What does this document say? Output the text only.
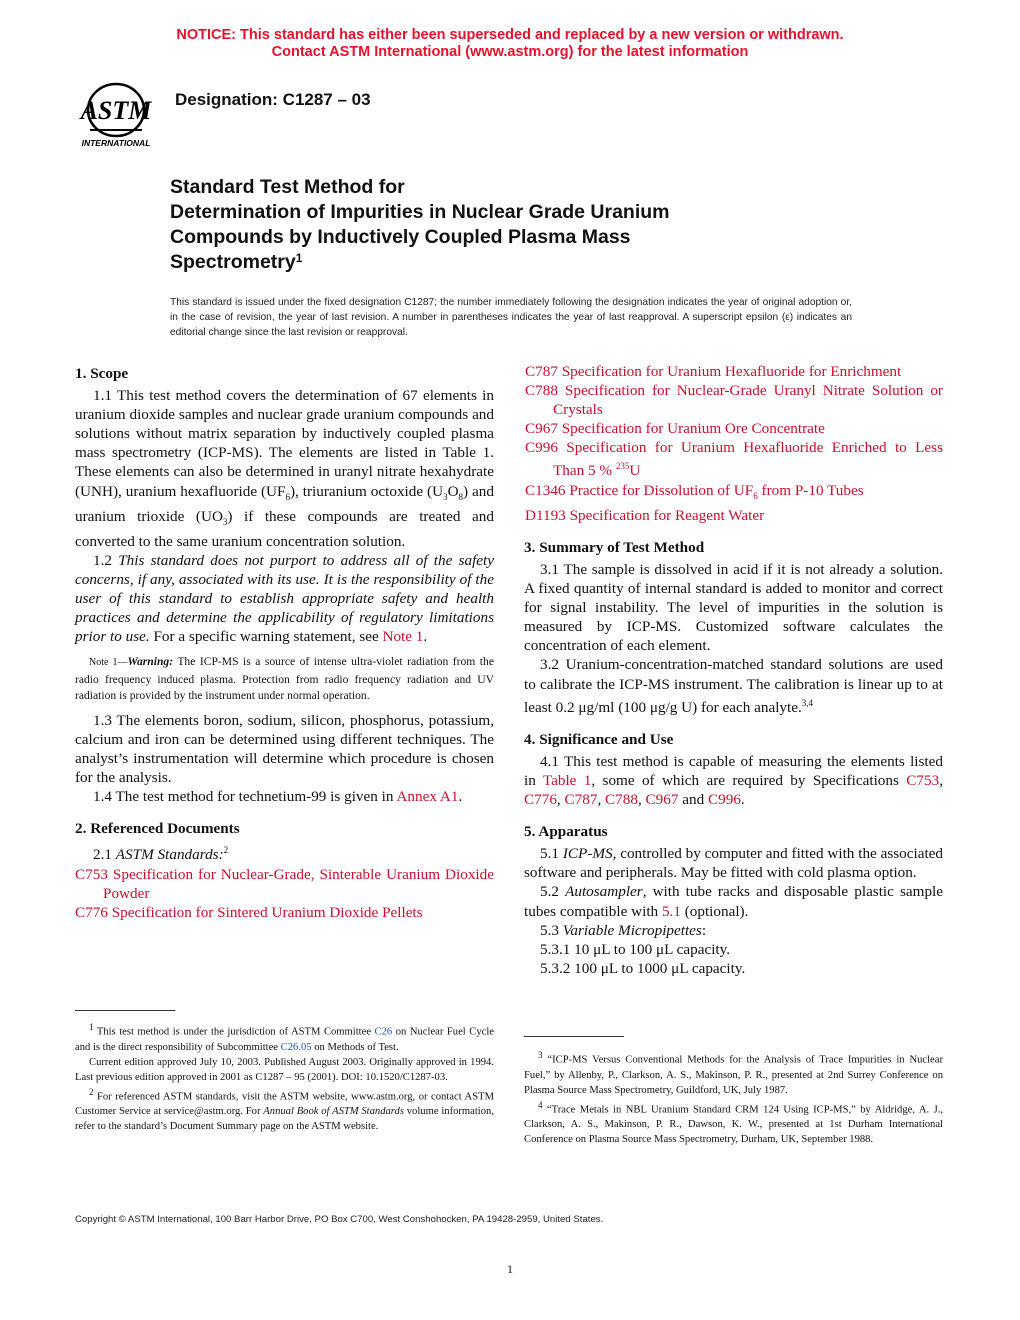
NOTICE: This standard has either been superseded and replaced by a new version or withdrawn.
Contact ASTM International (www.astm.org) for the latest information
ASTM
INTERNATIONAL
Designation: C1287 – 03
Standard Test Method for
Determination of Impurities in Nuclear Grade Uranium
Compounds by Inductively Coupled Plasma Mass
Spectrometry$^1$
This standard is issued under the fixed designation C1287; the number immediately following the designation indicates the year of original adoption or, in the case of revision, the year of last revision. A number in parentheses indicates the year of last reapproval. A superscript epsilon (ε) indicates an editorial change since the last revision or reapproval.

1. Scope

1.1 This test method covers the determination of 67 elements in uranium dioxide samples and nuclear grade uranium compounds and solutions without matrix separation by inductively coupled plasma mass spectrometry (ICP-MS). The elements are listed in Table 1. These elements can also be determined in uranyl nitrate hexahydrate (UNH), uranium hexafluoride $(UF_6)$, triuranium octoxide $(U_3O_8)$ and uranium trioxide $(UO_3)$ if these compounds are treated and converted to the same uranium concentration solution.

1.2 This standard does not purport to address all of the safety concerns, if any, associated with its use. It is the responsibility of the user of this standard to establish appropriate safety and health practices and determine the applicability of regulatory limitations prior to use. For a specific warning statement, see Note 1.

Note 1—Warning: The ICP-MS is a source of intense ultra-violet radiation from the radio frequency induced plasma. Protection from radio frequency radiation and UV radiation is provided by the instrument under normal operation.

1.3 The elements boron, sodium, silicon, phosphorus, potassium, calcium and iron can be determined using different techniques. The analyst’s instrumentation will determine which procedure is chosen for the analysis.

1.4 The test method for technetium-99 is given in Annex A1.

2. Referenced Documents

2.1 ASTM Standards:$^2$

C753 Specification for Nuclear-Grade, Sinterable Uranium Dioxide Powder

C776 Specification for Sintered Uranium Dioxide Pellets

$^1$ This test method is under the jurisdiction of ASTM Committee C26 on Nuclear Fuel Cycle and is the direct responsibility of Subcommittee C26.05 on Methods of Test.

Current edition approved July 10, 2003. Published August 2003. Originally approved in 1994. Last previous edition approved in 2001 as C1287 – 95 (2001). DOI: 10.1520/C1287-03.

$^2$ For referenced ASTM standards, visit the ASTM website, www.astm.org, or contact ASTM Customer Service at service@astm.org. For Annual Book of ASTM Standards volume information, refer to the standard’s Document Summary page on the ASTM website.

C787 Specification for Uranium Hexafluoride for Enrichment

C788 Specification for Nuclear-Grade Uranyl Nitrate Solution or Crystals

C967 Specification for Uranium Ore Concentrate

C996 Specification for Uranium Hexafluoride Enriched to Less Than 5 % $^{235}$U

C1346 Practice for Dissolution of $UF_6$ from P-10 Tubes

D1193 Specification for Reagent Water

3. Summary of Test Method

3.1 The sample is dissolved in acid if it is not already a solution. A fixed quantity of internal standard is added to monitor and correct for signal instability. The level of impurities in the solution is measured by ICP-MS. Customized software calculates the concentration of each element.

3.2 Uranium-concentration-matched standard solutions are used to calibrate the ICP-MS instrument. The calibration is linear up to at least 0.2 μg/ml (100 μg/g U) for each analyte.$^{3,4}$

4. Significance and Use

4.1 This test method is capable of measuring the elements listed in Table 1, some of which are required by Specifications C753, C776, C787, C788, C967 and C996.

5. Apparatus

5.1 ICP-MS, controlled by computer and fitted with the associated software and peripherals. May be fitted with cold plasma option.

5.2 Autosampler, with tube racks and disposable plastic sample tubes compatible with 5.1 (optional).

5.3 Variable Micropipettes:

5.3.1 10 μL to 100 μL capacity.

5.3.2 100 μL to 1000 μL capacity.

$^3$ “ICP-MS Versus Conventional Methods for the Analysis of Trace Impurities in Nuclear Fuel,” by Allenby, P., Clarkson, A. S., Makinson, P. R., presented at 2nd Surrey Conference on Plasma Source Mass Spectrometry, Guildford, UK, July 1987.

$^4$ “Trace Metals in NBL Uranium Standard CRM 124 Using ICP-MS,” by Aldridge, A. J., Clarkson, A. S., Makinson, P. R., Dawson, K. W., presented at 1st Durham International Conference on Plasma Source Mass Spectrometry, Durham, UK, September 1988.

Copyright © ASTM International, 100 Barr Harbor Drive, PO Box C700, West Conshohocken, PA 19428-2959, United States.
1
